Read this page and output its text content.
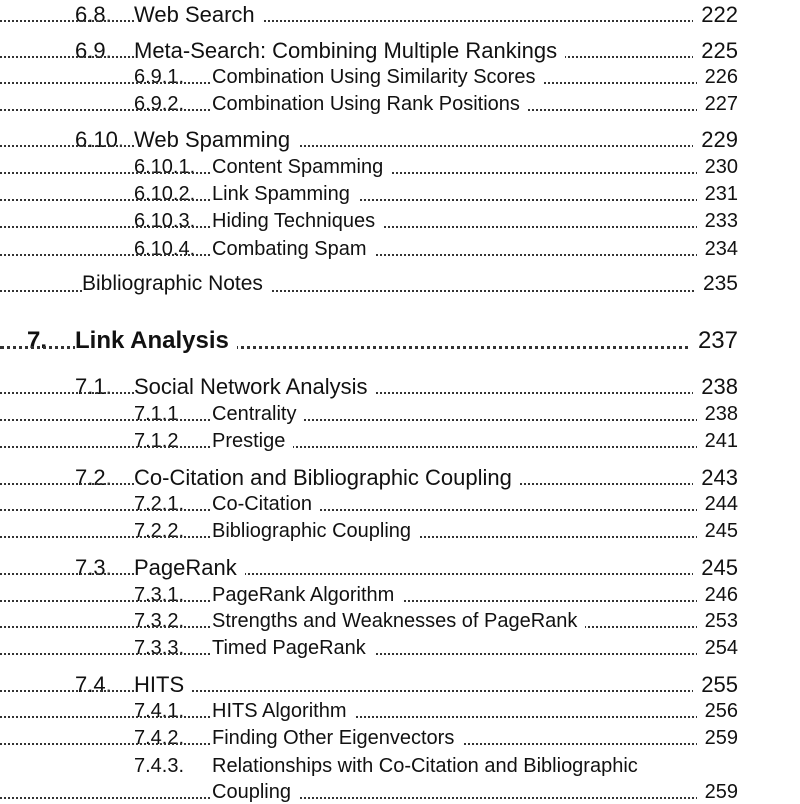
6.8. Web Search	222
6.9. Meta-Search: Combining Multiple Rankings	225
6.9.1. Combination Using Similarity Scores	226
6.9.2. Combination Using Rank Positions	227
6.10. Web Spamming	229
6.10.1. Content Spamming	230
6.10.2. Link Spamming	231
6.10.3. Hiding Techniques	233
6.10.4. Combating Spam	234
Bibliographic Notes	235
7. Link Analysis	237
7.1. Social Network Analysis	238
7.1.1 Centrality	238
7.1.2 Prestige	241
7.2. Co-Citation and Bibliographic Coupling	243
7.2.1. Co-Citation	244
7.2.2. Bibliographic Coupling	245
7.3. PageRank	245
7.3.1. PageRank Algorithm	246
7.3.2. Strengths and Weaknesses of PageRank	253
7.3.3. Timed PageRank	254
7.4. HITS	255
7.4.1. HITS Algorithm	256
7.4.2. Finding Other Eigenvectors	259
7.4.3. Relationships with Co-Citation and Bibliographic
Coupling	259
